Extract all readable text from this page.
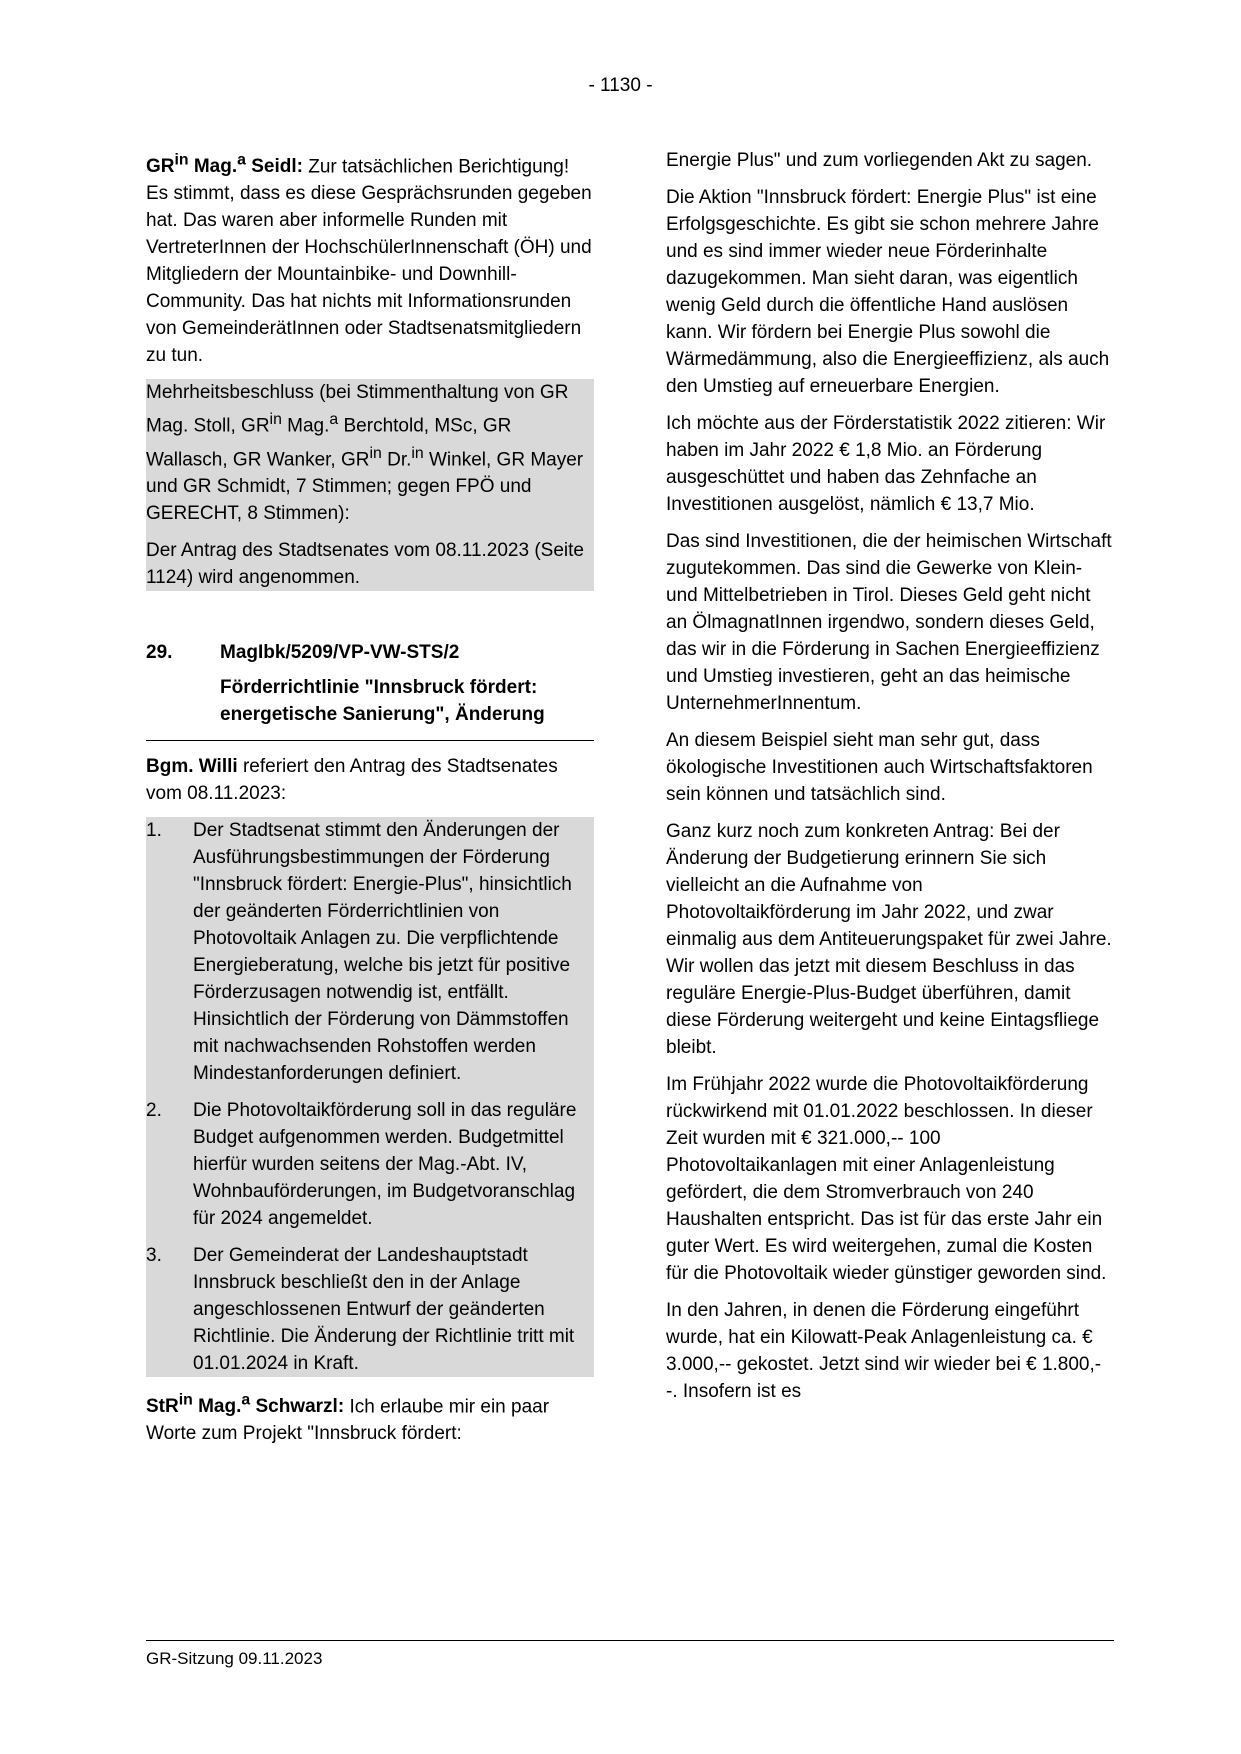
- 1130 -

$GR^{in}$ Mag.$^a$ Seidl: Zur tatsächlichen Berichtigung! Es stimmt, dass es diese Gesprächsrunden gegeben hat. Das waren aber informelle Runden mit VertreterInnen der HochschülerInnenschaft (ÖH) und Mitgliedern der Mountainbike- und Downhill-Community. Das hat nichts mit Informationsrunden von GemeinderätInnen oder Stadtsenatsmitgliedern zu tun.

Mehrheitsbeschluss (bei Stimmenthaltung von GR Mag. Stoll, $GR^{in}$ Mag.$^a$ Berchtold, MSc, GR Wallasch, GR Wanker, $GR^{in}$ Dr.$^{in}$ Winkel, GR Mayer und GR Schmidt, 7 Stimmen; gegen FPÖ und GERECHT, 8 Stimmen):

Der Antrag des Stadtsenates vom 08.11.2023 (Seite 1124) wird angenommen.

29.	MagIbk/5209/VP-VW-STS/2
Förderrichtlinie "Innsbruck fördert: energetische Sanierung", Änderung

Bgm. Willi referiert den Antrag des Stadtsenates vom 08.11.2023:

1.	Der Stadtsenat stimmt den Änderungen der Ausführungsbestimmungen der Förderung "Innsbruck fördert: Energie-Plus", hinsichtlich der geänderten Förderrichtlinien von Photovoltaik Anlagen zu. Die verpflichtende Energieberatung, welche bis jetzt für positive Förderzusagen notwendig ist, entfällt. Hinsichtlich der Förderung von Dämmstoffen mit nachwachsenden Rohstoffen werden Mindestanforderungen definiert.
2.	Die Photovoltaikförderung soll in das reguläre Budget aufgenommen werden. Budgetmittel hierfür wurden seitens der Mag.-Abt. IV, Wohnbauförderungen, im Budgetvoranschlag für 2024 angemeldet.
3.	Der Gemeinderat der Landeshauptstadt Innsbruck beschließt den in der Anlage angeschlossenen Entwurf der geänderten Richtlinie. Die Änderung der Richtlinie tritt mit 01.01.2024 in Kraft.

StR$^{in}$ Mag.$^a$ Schwarzl: Ich erlaube mir ein paar Worte zum Projekt "Innsbruck fördert:

Energie Plus" und zum vorliegenden Akt zu sagen.

Die Aktion "Innsbruck fördert: Energie Plus" ist eine Erfolgsgeschichte. Es gibt sie schon mehrere Jahre und es sind immer wieder neue Förderinhalte dazugekommen. Man sieht daran, was eigentlich wenig Geld durch die öffentliche Hand auslösen kann. Wir fördern bei Energie Plus sowohl die Wärmedämmung, also die Energieeffizienz, als auch den Umstieg auf erneuerbare Energien.

Ich möchte aus der Förderstatistik 2022 zitieren: Wir haben im Jahr 2022 € 1,8 Mio. an Förderung ausgeschüttet und haben das Zehnfache an Investitionen ausgelöst, nämlich € 13,7 Mio.

Das sind Investitionen, die der heimischen Wirtschaft zugutekommen. Das sind die Gewerke von Klein- und Mittelbetrieben in Tirol. Dieses Geld geht nicht an ÖlmagnatInnen irgendwo, sondern dieses Geld, das wir in die Förderung in Sachen Energieeffizienz und Umstieg investieren, geht an das heimische UnternehmerInnentum.

An diesem Beispiel sieht man sehr gut, dass ökologische Investitionen auch Wirtschaftsfaktoren sein können und tatsächlich sind.

Ganz kurz noch zum konkreten Antrag: Bei der Änderung der Budgetierung erinnern Sie sich vielleicht an die Aufnahme von Photovoltaikförderung im Jahr 2022, und zwar einmalig aus dem Antiteuerungspaket für zwei Jahre. Wir wollen das jetzt mit diesem Beschluss in das reguläre Energie-Plus-Budget überführen, damit diese Förderung weitergeht und keine Eintagsfliege bleibt.

Im Frühjahr 2022 wurde die Photovoltaikförderung rückwirkend mit 01.01.2022 beschlossen. In dieser Zeit wurden mit € 321.000,-- 100 Photovoltaikanlagen mit einer Anlagenleistung gefördert, die dem Stromverbrauch von 240 Haushalten entspricht. Das ist für das erste Jahr ein guter Wert. Es wird weitergehen, zumal die Kosten für die Photovoltaik wieder günstiger geworden sind.

In den Jahren, in denen die Förderung eingeführt wurde, hat ein Kilowatt-Peak Anlagenleistung ca. € 3.000,-- gekostet. Jetzt sind wir wieder bei € 1.800,--. Insofern ist es

GR-Sitzung 09.11.2023
